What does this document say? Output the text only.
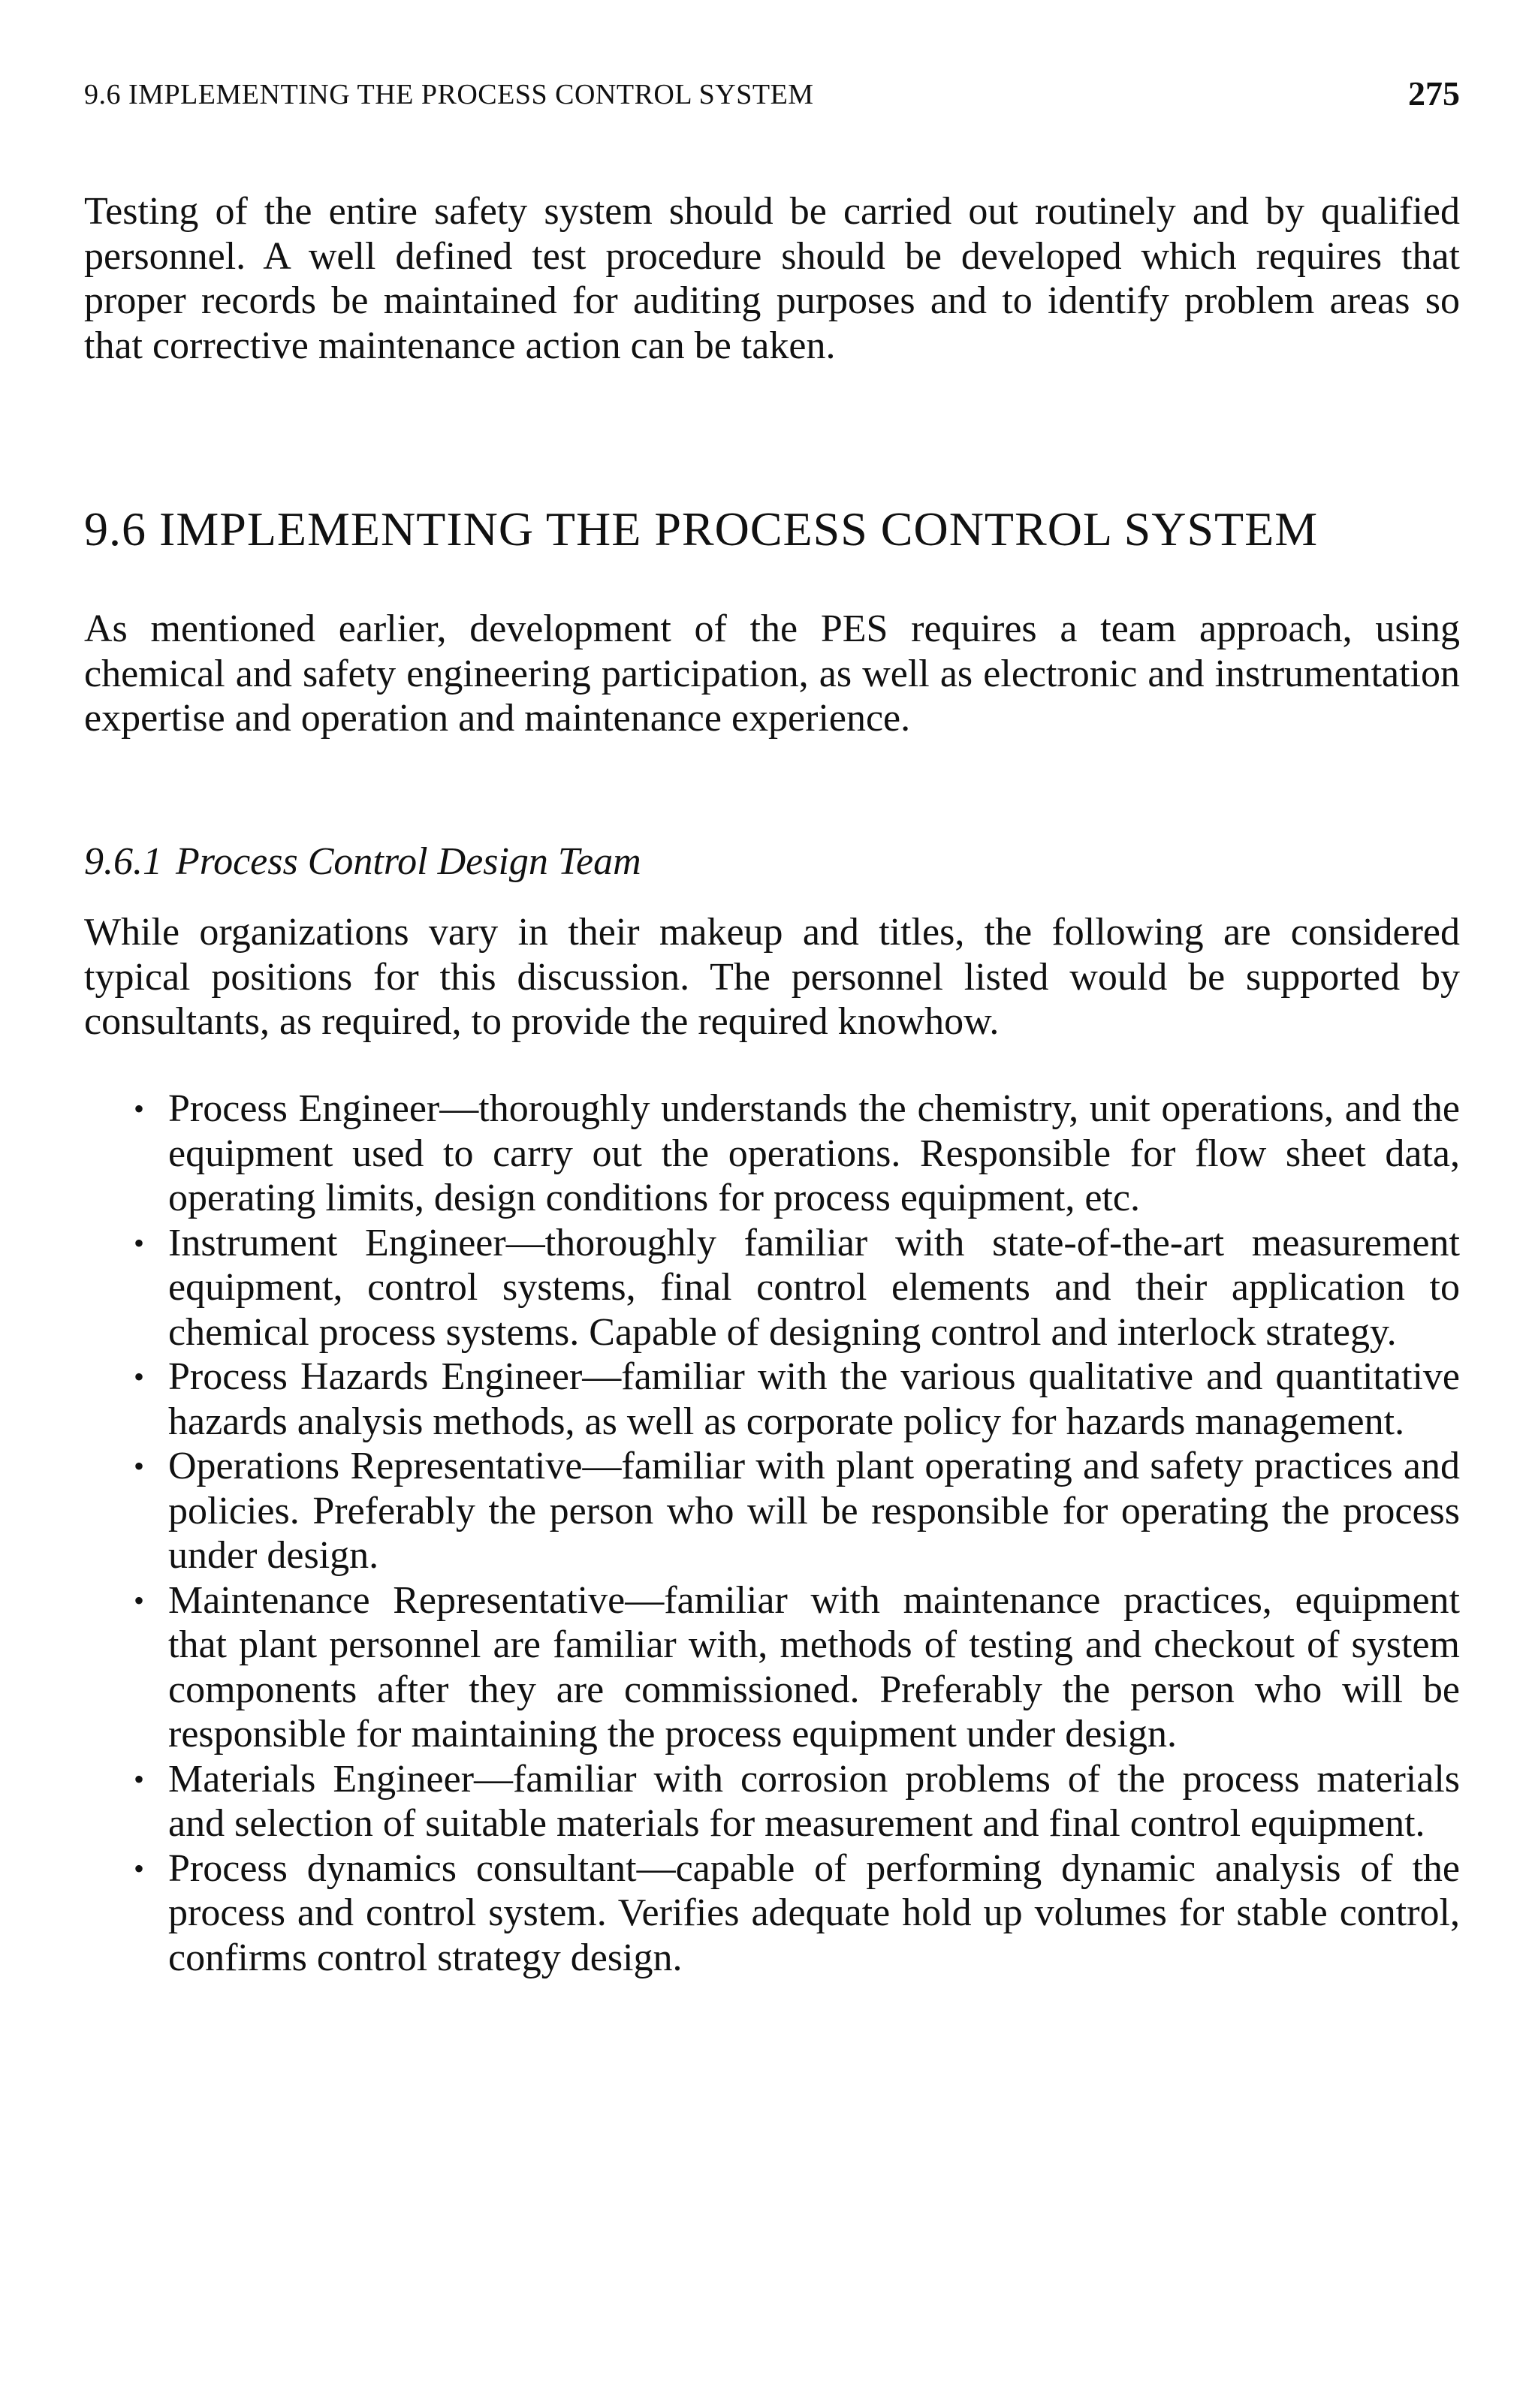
9.6 IMPLEMENTING THE PROCESS CONTROL SYSTEM	275

Testing of the entire safety system should be carried out routinely and by qualified personnel. A well defined test procedure should be developed which requires that proper records be maintained for auditing purposes and to identify problem areas so that corrective maintenance action can be taken.

9.6 IMPLEMENTING THE PROCESS CONTROL SYSTEM

As mentioned earlier, development of the PES requires a team approach, using chemical and safety engineering participation, as well as electronic and instrumentation expertise and operation and maintenance experience.

9.6.1 Process Control Design Team

While organizations vary in their makeup and titles, the following are considered typical positions for this discussion. The personnel listed would be supported by consultants, as required, to provide the required knowhow.

• Process Engineer—thoroughly understands the chemistry, unit operations, and the equipment used to carry out the operations. Responsible for flow sheet data, operating limits, design conditions for process equipment, etc.
• Instrument Engineer—thoroughly familiar with state-of-the-art measurement equipment, control systems, final control elements and their application to chemical process systems. Capable of designing control and interlock strategy.
• Process Hazards Engineer—familiar with the various qualitative and quantitative hazards analysis methods, as well as corporate policy for hazards management.
• Operations Representative—familiar with plant operating and safety practices and policies. Preferably the person who will be responsible for operating the process under design.
• Maintenance Representative—familiar with maintenance practices, equipment that plant personnel are familiar with, methods of testing and checkout of system components after they are commissioned. Preferably the person who will be responsible for maintaining the process equipment under design.
• Materials Engineer—familiar with corrosion problems of the process materials and selection of suitable materials for measurement and final control equipment.
• Process dynamics consultant—capable of performing dynamic analysis of the process and control system. Verifies adequate hold up volumes for stable control, confirms control strategy design.
